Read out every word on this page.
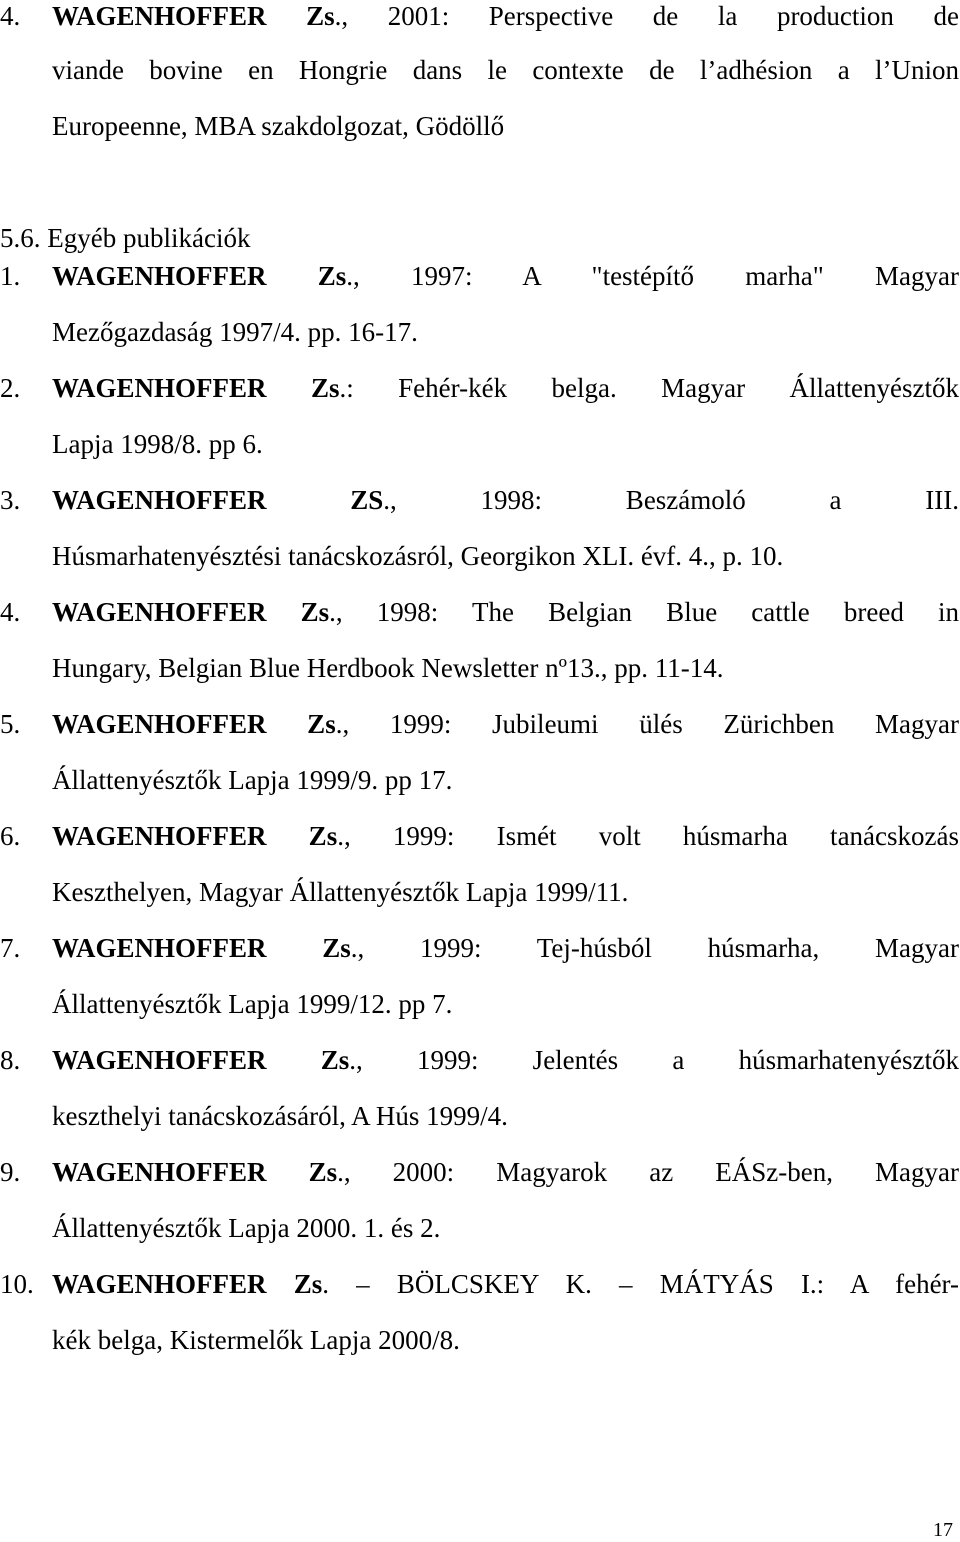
4. WAGENHOFFER Zs., 2001: Perspective de la production de
viande bovine en Hongrie dans le contexte de l’adhésion a l’Union
Europeenne, MBA szakdolgozat, Gödöllő
5.6. Egyéb publikációk
1. WAGENHOFFER Zs., 1997: A "testépítő marha" Magyar
Mezőgazdaság 1997/4. pp. 16-17.
2. WAGENHOFFER Zs.: Fehér-kék belga. Magyar Állattenyésztők
Lapja 1998/8. pp 6.
3. WAGENHOFFER ZS., 1998: Beszámoló a III.
Húsmarhatenyésztési tanácskozásról, Georgikon XLI. évf. 4., p. 10.
4. WAGENHOFFER Zs., 1998: The Belgian Blue cattle breed in
Hungary, Belgian Blue Herdbook Newsletter nº13., pp. 11-14.
5. WAGENHOFFER Zs., 1999: Jubileumi ülés Zürichben Magyar
Állattenyésztők Lapja 1999/9. pp 17.
6. WAGENHOFFER Zs., 1999: Ismét volt húsmarha tanácskozás
Keszthelyen, Magyar Állattenyésztők Lapja 1999/11.
7. WAGENHOFFER Zs., 1999: Tej-húsból húsmarha, Magyar
Állattenyésztők Lapja 1999/12. pp 7.
8. WAGENHOFFER Zs., 1999: Jelentés a húsmarhatenyésztők
keszthelyi tanácskozásáról, A Hús 1999/4.
9. WAGENHOFFER Zs., 2000: Magyarok az EÁSz-ben, Magyar
Állattenyésztők Lapja 2000. 1. és 2.
10. WAGENHOFFER Zs. – BÖLCSKEY K. – MÁTYÁS I.: A fehér-
kék belga, Kistermelők Lapja 2000/8.
17
